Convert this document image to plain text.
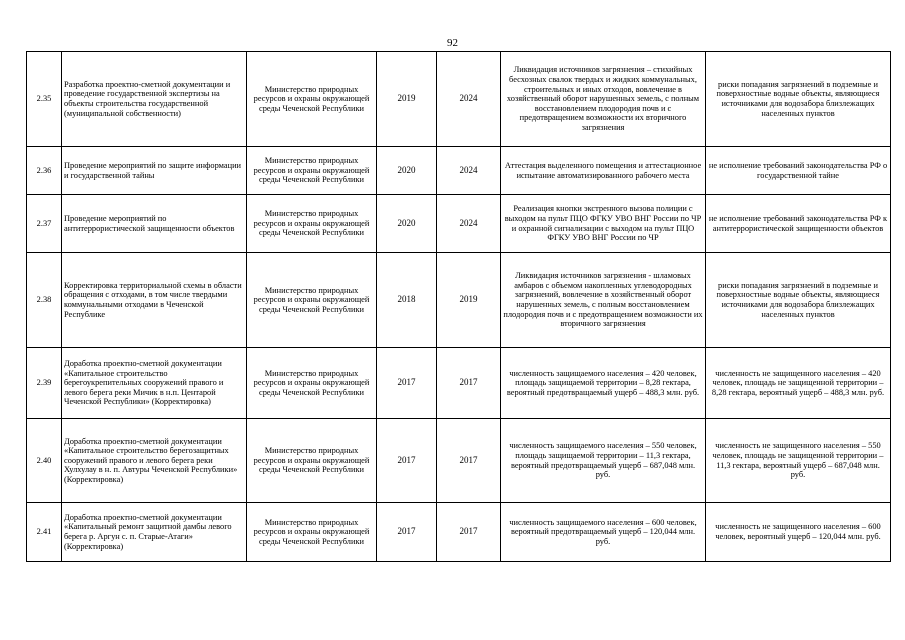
92
2.35	Разработка проектно-сметной документации и проведение государственной экспертизы на объекты строительства государственной (муниципальной собственности)	Министерство природных ресурсов и охраны окружающей среды Чеченской Республики	2019	2024	Ликвидация источников загрязнения – стихийных бесхозных свалок твердых и жидких коммунальных, строительных и иных отходов, вовлечение в хозяйственный оборот нарушенных земель, с полным восстановлением плодородия почв и с предотвращением возможности их вторичного загрязнения	риски попадания загрязнений в подземные и поверхностные водные объекты, являющиеся источниками для водозабора близлежащих населенных пунктов
2.36	Проведение мероприятий по защите информации и государственной тайны	Министерство природных ресурсов и охраны окружающей среды Чеченской Республики	2020	2024	Аттестация выделенного помещения и аттестационное испытание автоматизированного рабочего места	не исполнение требований законодательства РФ о государственной тайне
2.37	Проведение мероприятий по антитеррористической защищенности объектов	Министерство природных ресурсов и охраны окружающей среды Чеченской Республики	2020	2024	Реализация кнопки экстренного вызова полиции с выходом на пульт ПЦО ФГКУ УВО ВНГ России по ЧР и охранной сигнализации с выходом на пульт ПЦО ФГКУ УВО ВНГ России по ЧР	не исполнение требований законодательства РФ к антитеррористической защищенности объектов
2.38	Корректировка территориальной схемы в области обращения с отходами, в том числе твердыми коммунальными отходами в Чеченской Республике	Министерство природных ресурсов и охраны окружающей среды Чеченской Республики	2018	2019	Ликвидация источников загрязнения - шламовых амбаров с объемом накопленных углеводородных загрязнений, вовлечение в хозяйственный оборот нарушенных земель, с полным восстановлением плодородия почв и с предотвращением возможности их вторичного загрязнения	риски попадания загрязнений в подземные и поверхностные водные объекты, являющиеся источниками для водозабора близлежащих населенных пунктов
2.39	Доработка проектно-сметной документации «Капитальное строительство берегоукрепительных сооружений правого и левого берега реки Мичик в н.п. Центарой Чеченской Республики» (Корректировка)	Министерство природных ресурсов и охраны окружающей среды Чеченской Республики	2017	2017	численность защищаемого населения – 420 человек, площадь защищаемой территории – 8,28 гектара, вероятный предотвращаемый ущерб – 488,3 млн. руб.	численность не защищенного населения – 420 человек, площадь не защищенной территории – 8,28 гектара, вероятный ущерб – 488,3 млн. руб.
2.40	Доработка проектно-сметной документации «Капитальное строительство берегозащитных сооружений правого и левого берега реки Хулхулау в н. п. Автуры Чеченской Республики» (Корректировка)	Министерство природных ресурсов и охраны окружающей среды Чеченской Республики	2017	2017	численность защищаемого населения – 550 человек, площадь защищаемой территории – 11,3 гектара, вероятный предотвращаемый ущерб – 687,048 млн. руб.	численность не защищенного населения – 550 человек, площадь не защищенной территории – 11,3 гектара, вероятный ущерб – 687,048 млн. руб.
2.41	Доработка проектно-сметной документации «Капитальный ремонт защитной дамбы левого берега р. Аргун с. п. Старые-Атаги» (Корректировка)	Министерство природных ресурсов и охраны окружающей среды Чеченской Республики	2017	2017	численность защищаемого населения – 600 человек, вероятный предотвращаемый ущерб – 120,044 млн. руб.	численность не защищенного населения – 600 человек, вероятный ущерб – 120,044 млн. руб.
